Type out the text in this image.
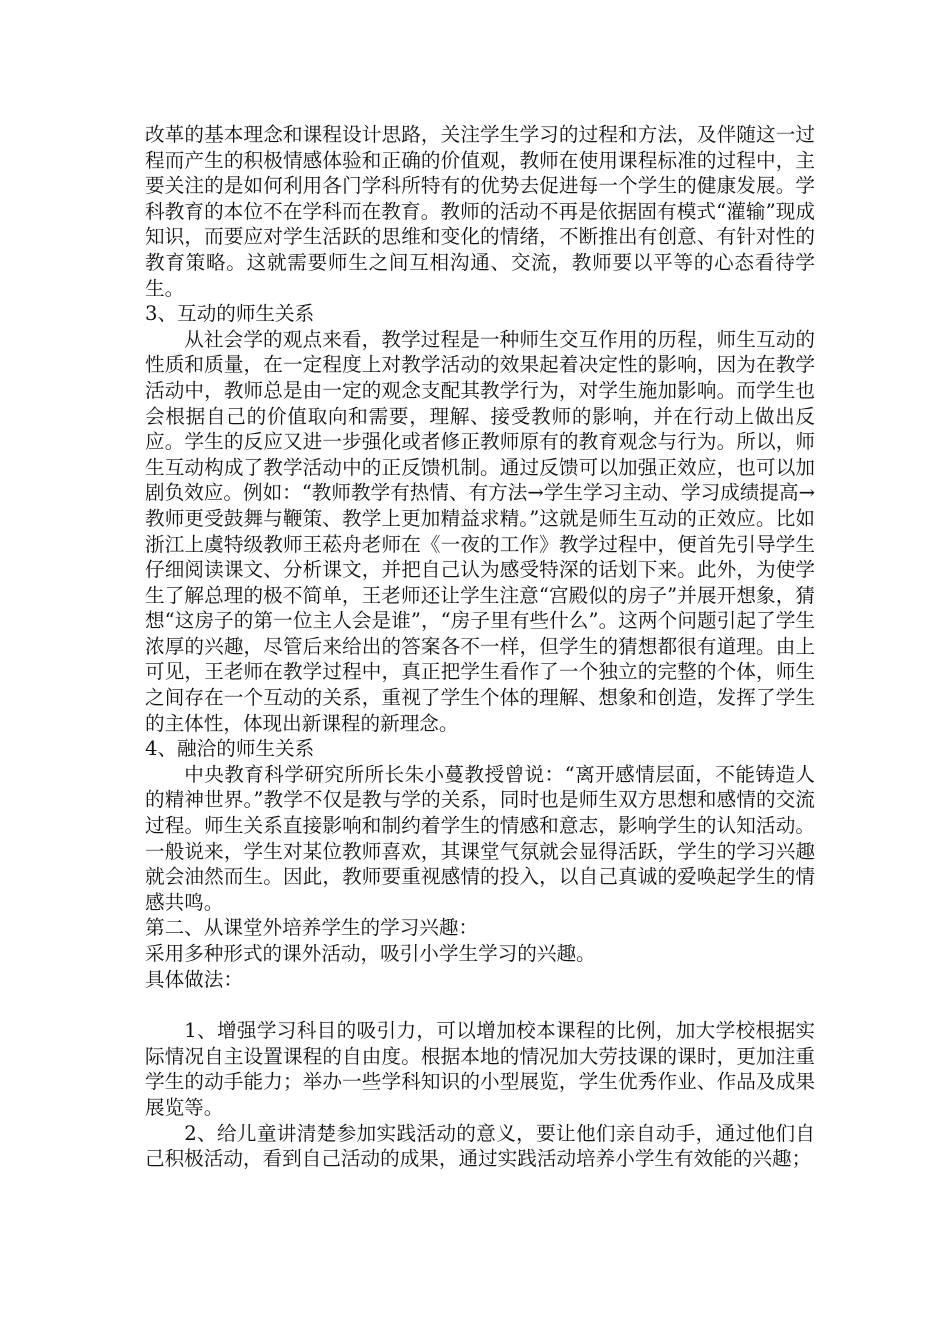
改革的基本理念和课程设计思路，关注学生学习的过程和方法，及伴随这一过程而产生的积极情感体验和正确的价值观，教师在使用课程标准的过程中，主要关注的是如何利用各门学科所特有的优势去促进每一个学生的健康发展。学科教育的本位不在学科而在教育。教师的活动不再是依据固有模式“灌输”现成知识，而要应对学生活跃的思维和变化的情绪，不断推出有创意、有针对性的教育策略。这就需要师生之间互相沟通、交流，教师要以平等的心态看待学生。

3、互动的师生关系

从社会学的观点来看，教学过程是一种师生交互作用的历程，师生互动的性质和质量，在一定程度上对教学活动的效果起着决定性的影响，因为在教学活动中，教师总是由一定的观念支配其教学行为，对学生施加影响。而学生也会根据自己的价值取向和需要，理解、接受教师的影响，并在行动上做出反应。学生的反应又进一步强化或者修正教师原有的教育观念与行为。所以，师生互动构成了教学活动中的正反馈机制。通过反馈可以加强正效应，也可以加剧负效应。例如：“教师教学有热情、有方法→学生学习主动、学习成绩提高→教师更受鼓舞与鞭策、教学上更加精益求精。”这就是师生互动的正效应。比如浙江上虞特级教师王菘舟老师在《一夜的工作》教学过程中，便首先引导学生仔细阅读课文、分析课文，并把自己认为感受特深的话划下来。此外，为使学生了解总理的极不简单，王老师还让学生注意“宫殿似的房子”并展开想象，猜想“这房子的第一位主人会是谁”，“房子里有些什么”。这两个问题引起了学生浓厚的兴趣，尽管后来给出的答案各不一样，但学生的猜想都很有道理。由上可见，王老师在教学过程中，真正把学生看作了一个独立的完整的个体，师生之间存在一个互动的关系，重视了学生个体的理解、想象和创造，发挥了学生的主体性，体现出新课程的新理念。

4、融洽的师生关系

中央教育科学研究所所长朱小蔓教授曾说：“离开感情层面，不能铸造人的精神世界。”教学不仅是教与学的关系，同时也是师生双方思想和感情的交流过程。师生关系直接影响和制约着学生的情感和意志，影响学生的认知活动。一般说来，学生对某位教师喜欢，其课堂气氛就会显得活跃，学生的学习兴趣就会油然而生。因此，教师要重视感情的投入，以自己真诚的爱唤起学生的情感共鸣。

第二、从课堂外培养学生的学习兴趣：

采用多种形式的课外活动，吸引小学生学习的兴趣。

具体做法：

1、增强学习科目的吸引力，可以增加校本课程的比例，加大学校根据实际情况自主设置课程的自由度。根据本地的情况加大劳技课的课时，更加注重学生的动手能力；举办一些学科知识的小型展览，学生优秀作业、作品及成果展览等。

2、给儿童讲清楚参加实践活动的意义，要让他们亲自动手，通过他们自己积极活动，看到自己活动的成果，通过实践活动培养小学生有效能的兴趣；
